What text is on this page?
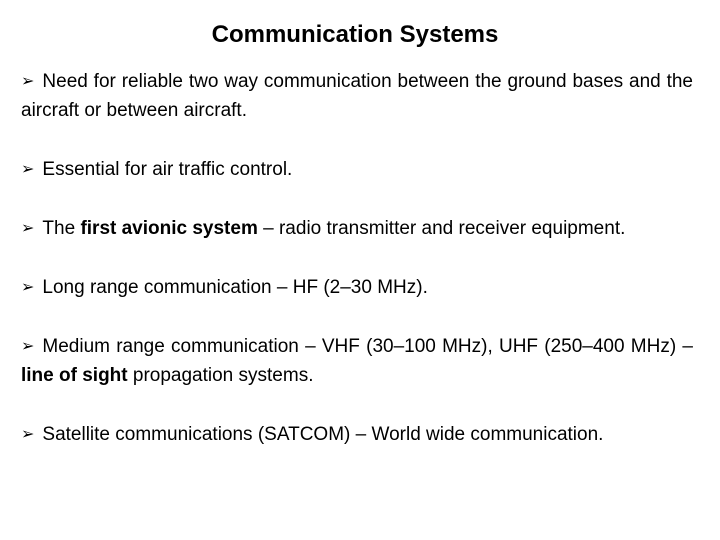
Communication Systems
➢ Need for reliable two way communication between the ground bases and the aircraft or between aircraft.
➢ Essential for air traffic control.
➢ The first avionic system – radio transmitter and receiver equipment.
➢ Long range communication – HF (2–30 MHz).
➢ Medium range communication – VHF (30–100 MHz), UHF (250–400 MHz) – line of sight propagation systems.
➢ Satellite communications (SATCOM) – World wide communication.
